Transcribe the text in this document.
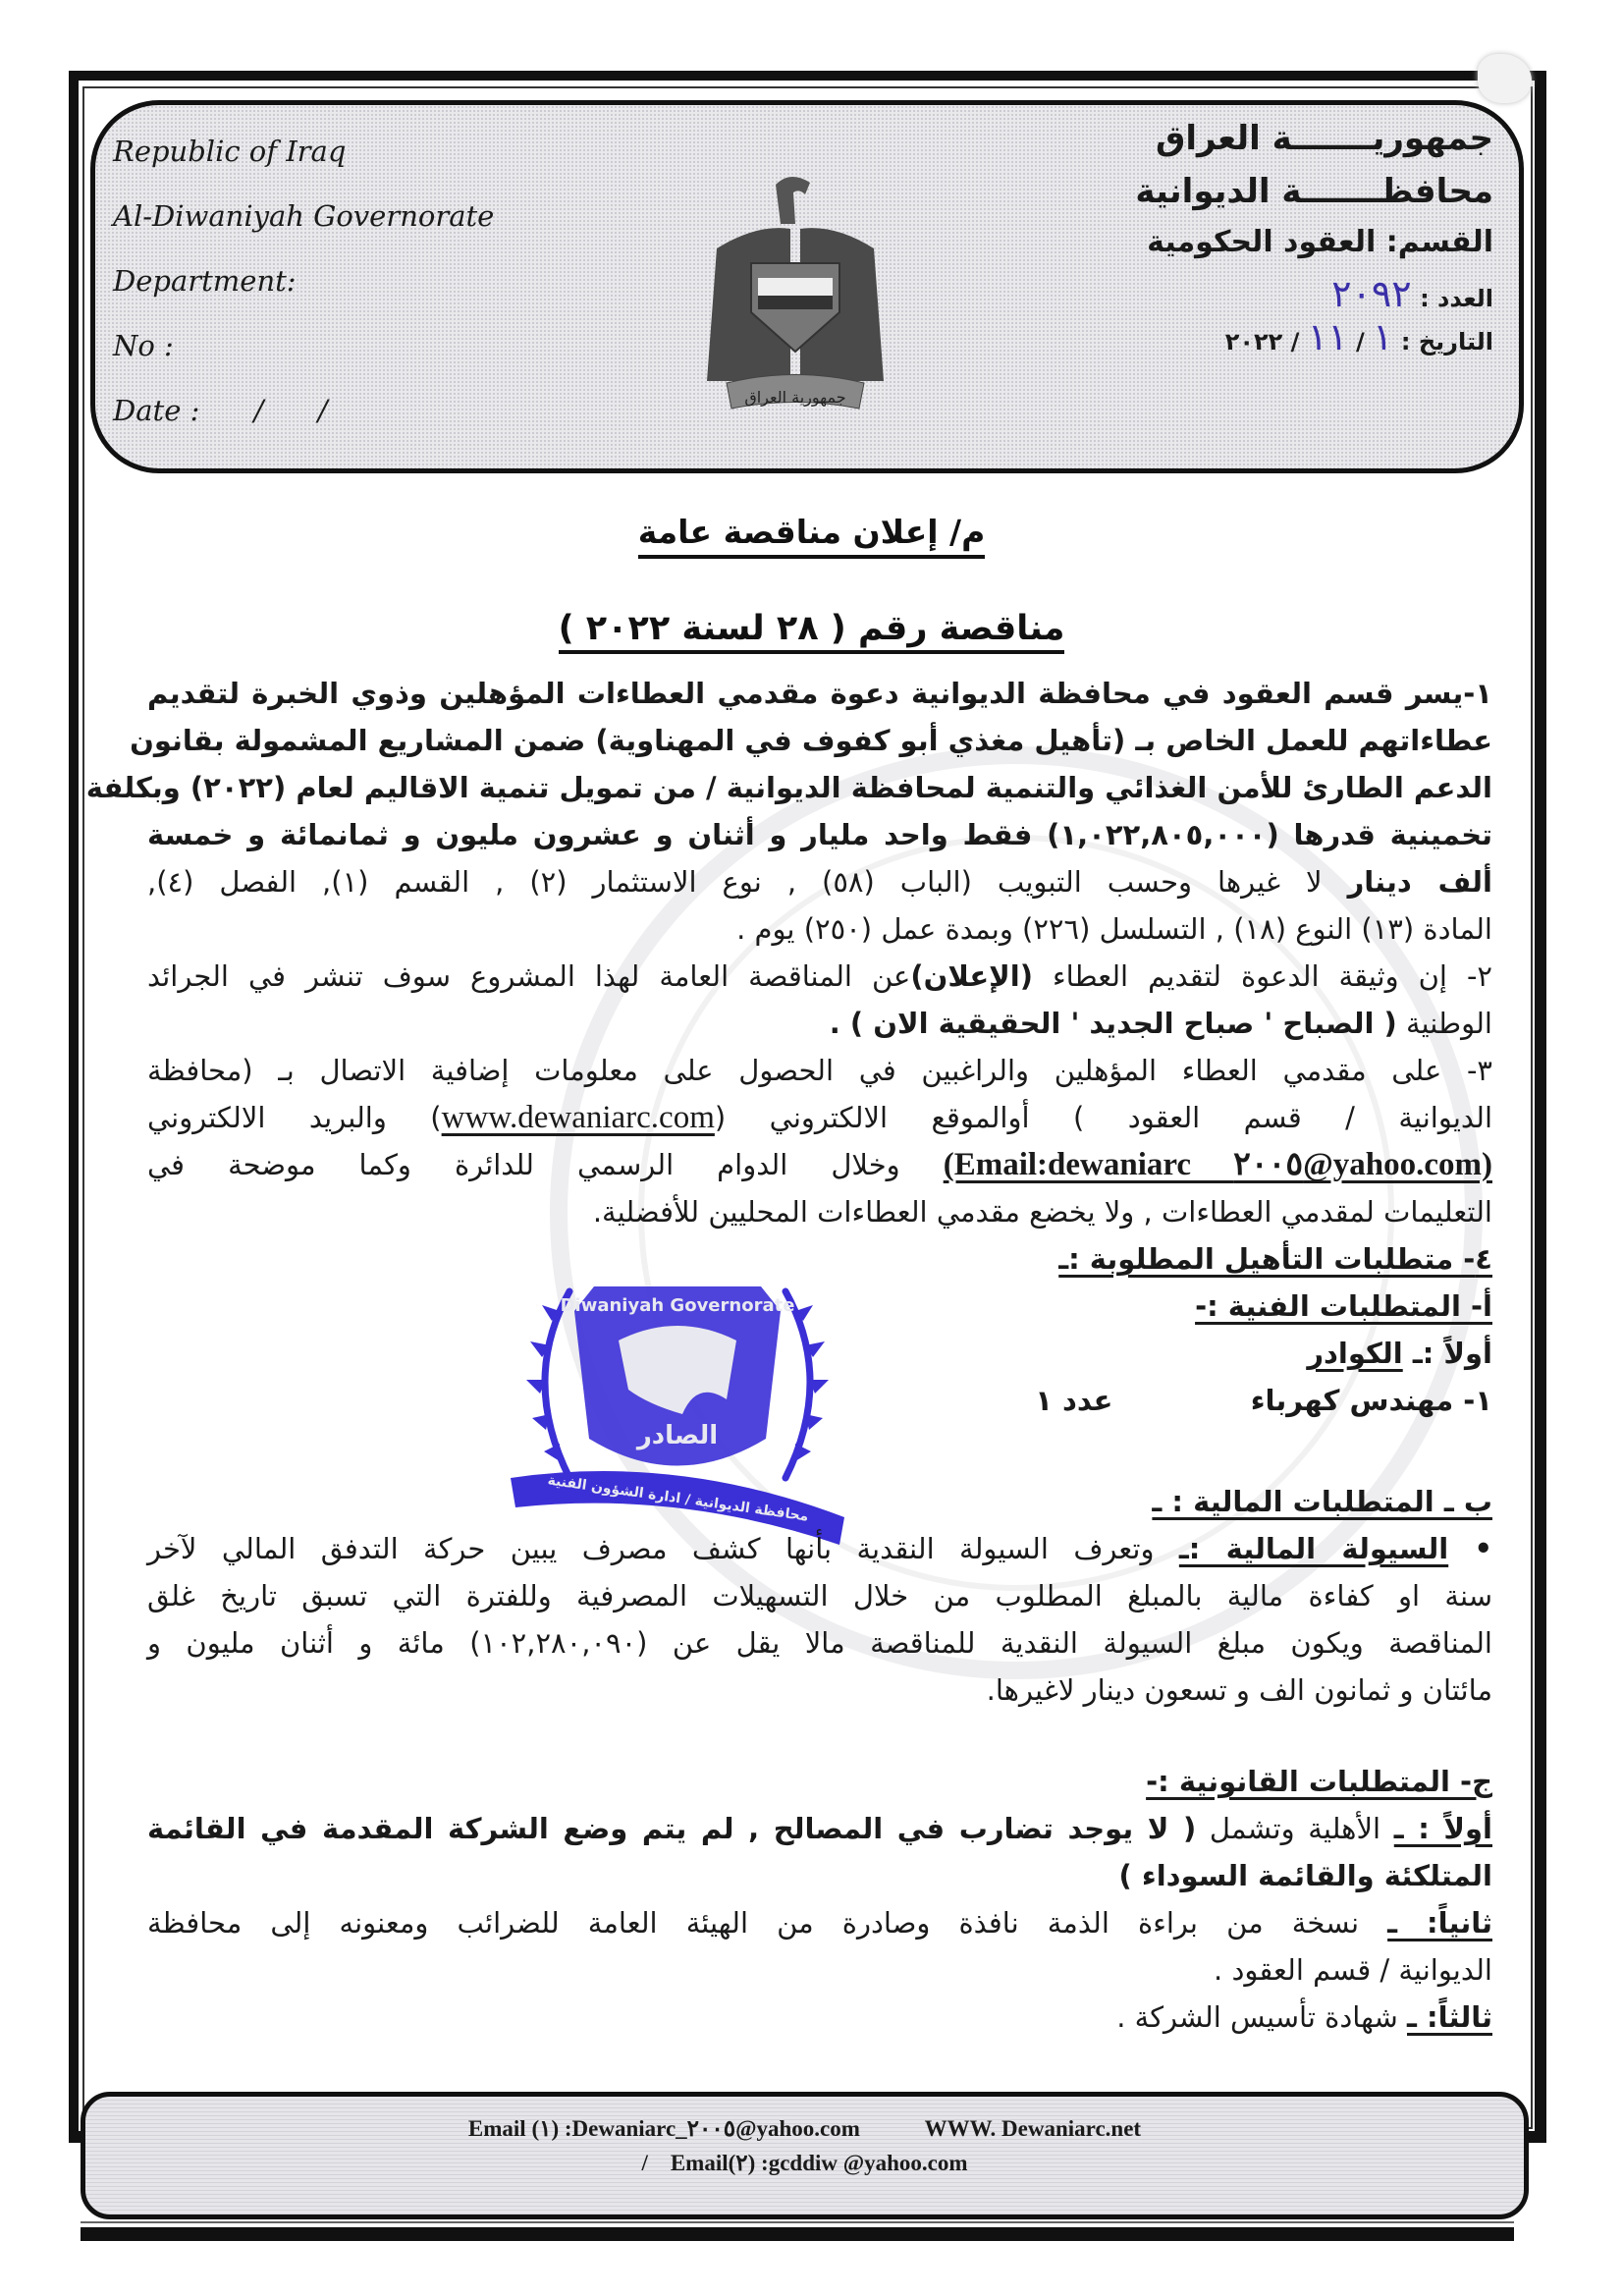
Republic of Iraq
Al-Diwaniyah Governorate
Department:
No :
Date :      /      /
جمهوريـــــــة العراق
محافظـــــــة الديوانية
القسم: العقود الحكومية
العدد : ٢٠٩٢
التاريخ : ١ / ١١ / ٢٠٢٢
جمهورية العراق
م/ إعلان مناقصة عامة
مناقصة رقم ( ٢٨ لسنة ٢٠٢٢ )
١-يسر قسم العقود في محافظة الديوانية دعوة مقدمي العطاءات المؤهلين وذوي الخبرة لتقديم
عطاءاتهم للعمل الخاص بـ (تأهيل مغذي أبو كفوف في المهناوية) ضمن المشاريع المشمولة بقانون
الدعم الطارئ للأمن الغذائي والتنمية لمحافظة الديوانية / من تمويل تنمية الاقاليم لعام (٢٠٢٢) وبكلفة
تخمينية قدرها (١,٠٢٢,٨٠٥,٠٠٠) فقط واحد مليار و أثنان و عشرون مليون و ثمانمائة و خمسة
ألف دينار لا غيرها وحسب التبويب (الباب (٥٨) , نوع الاستثمار (٢) , القسم (١), الفصل (٤),
المادة (١٣) النوع (١٨) , التسلسل (٢٢٦) وبمدة عمل (٢٥٠) يوم .
٢- إن وثيقة الدعوة لتقديم العطاء (الإعلان)عن المناقصة العامة لهذا المشروع سوف تنشر في الجرائد
الوطنية ( الصباح ' صباح الجديد ' الحقيقية الان ) .
٣- على مقدمي العطاء المؤهلين والراغبين في الحصول على معلومات إضافية الاتصال بـ (محافظة
الديوانية / قسم العقود ) أوالموقع الالكتروني (www.dewaniarc.com) والبريد الالكتروني
(Email:dewaniarc ٢٠٠٥@yahoo.com) وخلال الدوام الرسمي للدائرة وكما موضحة في
التعليمات لمقدمي العطاءات , ولا يخضع مقدمي العطاءات المحليين للأفضلية.
٤- متطلبات التأهيل المطلوبة :ـ
أ- المتطلبات الفنية :-
أولاً :ـ الكوادر
١- مهندس كهرباء  عدد ١
Diwaniyah Governorate
الصادر
محافظة الديوانية / ادارة الشؤون الفنية	ب ـ المتطلبات المالية : ـ
• السيولة المالية :ـ وتعرف السيولة النقدية بأنها كشف مصرف يبين حركة التدفق المالي لآخر
سنة او كفاءة مالية بالمبلغ المطلوب من خلال التسهيلات المصرفية وللفترة التي تسبق تاريخ غلق
المناقصة ويكون مبلغ السيولة النقدية للمناقصة مالا يقل عن (١٠٢,٢٨٠,٠٩٠) مائة و أثنان مليون و
مائتان و ثمانون الف و تسعون دينار لاغيرها.
ج- المتطلبات القانونية :-
أولاً : ـ الأهلية وتشمل ( لا يوجد تضارب في المصالح , لم يتم وضع الشركة المقدمة في القائمة
المتلكئة والقائمة السوداء )
ثانياً: ـ نسخة من براءة الذمة نافذة وصادرة من الهيئة العامة للضرائب ومعنونه إلى محافظة
الديوانية / قسم العقود .
ثالثاً: ـ شهادة تأسيس الشركة .
Email (١) :Dewaniarc_٢٠٠٥@yahoo.com	WWW. Dewaniarc.net
/    Email(٢) :gcddiw @yahoo.com
